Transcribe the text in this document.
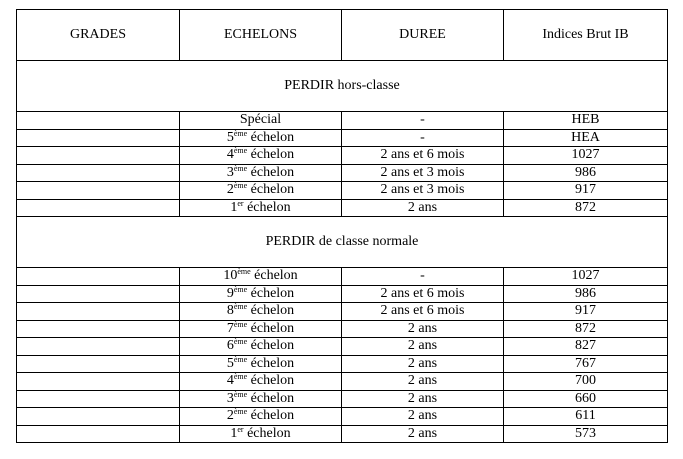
GRADES	ECHELONS	DUREE	Indices Brut IB
PERDIR hors-classe			
	Spécial	-	HEB
	5ème échelon	-	HEA
	4ème échelon	2 ans et 6 mois	1027
	3ème échelon	2 ans et 3 mois	986
	2ème échelon	2 ans et 3 mois	917
	1er échelon	2 ans	872
PERDIR de classe normale			
	10ème échelon	-	1027
	9ème échelon	2 ans et 6 mois	986
	8ème échelon	2 ans et 6 mois	917
	7ème échelon	2 ans	872
	6ème échelon	2 ans	827
	5ème échelon	2 ans	767
	4ème échelon	2 ans	700
	3ème échelon	2 ans	660
	2ème échelon	2 ans	611
	1er échelon	2 ans	573
